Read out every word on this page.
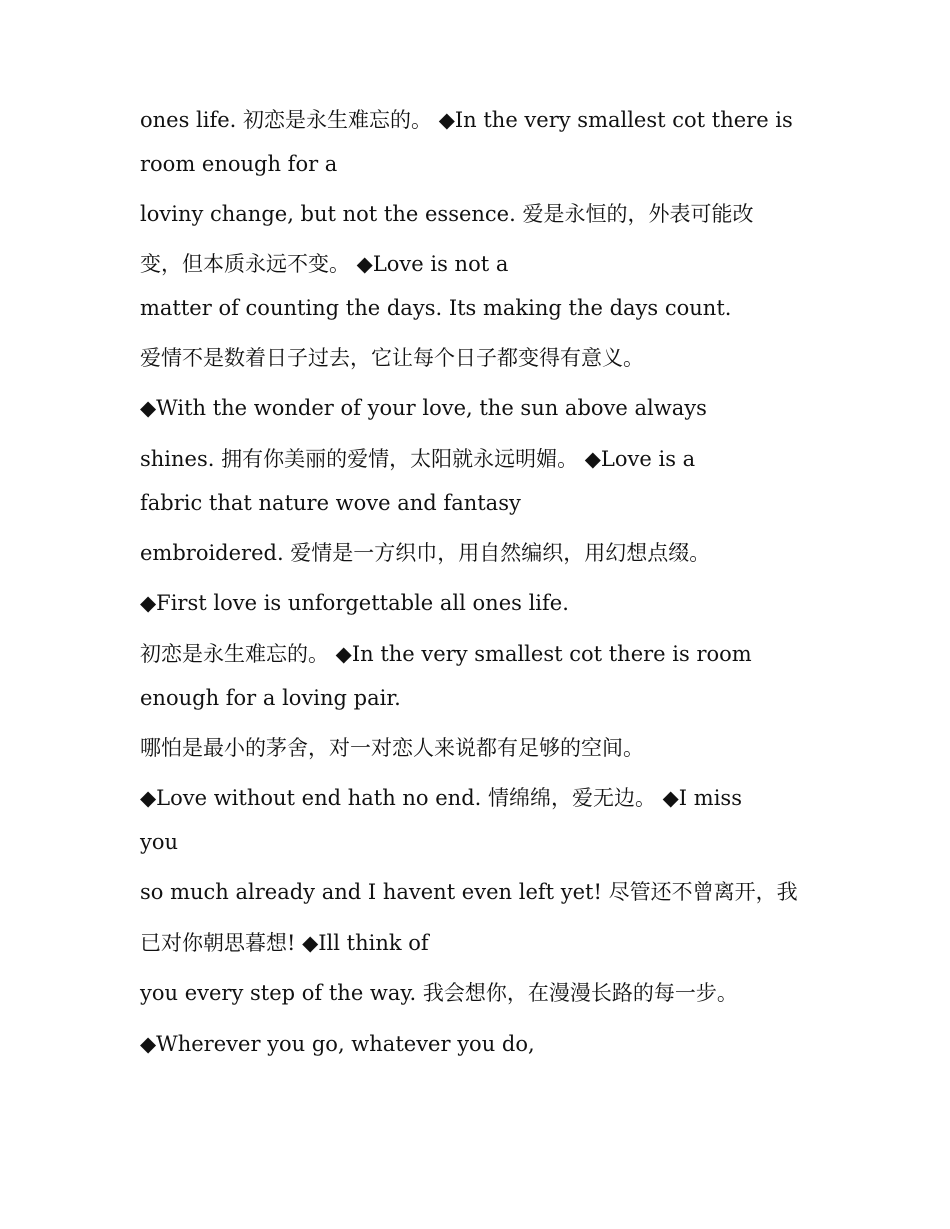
ones life. 初恋是永生难忘的。 ◆In the very smallest cot there is
room enough for a
loviny change, but not the essence. 爱是永恒的，外表可能改
变，但本质永远不变。 ◆Love is not a
matter of counting the days. Its making the days count.
爱情不是数着日子过去，它让每个日子都变得有意义。
◆With the wonder of your love, the sun above always
shines. 拥有你美丽的爱情，太阳就永远明媚。 ◆Love is a
fabric that nature wove and fantasy
embroidered. 爱情是一方织巾，用自然编织，用幻想点缀。
◆First love is unforgettable all ones life.
初恋是永生难忘的。 ◆In the very smallest cot there is room
enough for a loving pair.
哪怕是最小的茅舍，对一对恋人来说都有足够的空间。
◆Love without end hath no end. 情绵绵，爱无边。 ◆I miss
you
so much already and I havent even left yet! 尽管还不曾离开，我
已对你朝思暮想! ◆Ill think of
you every step of the way. 我会想你，在漫漫长路的每一步。
◆Wherever you go, whatever you do,
